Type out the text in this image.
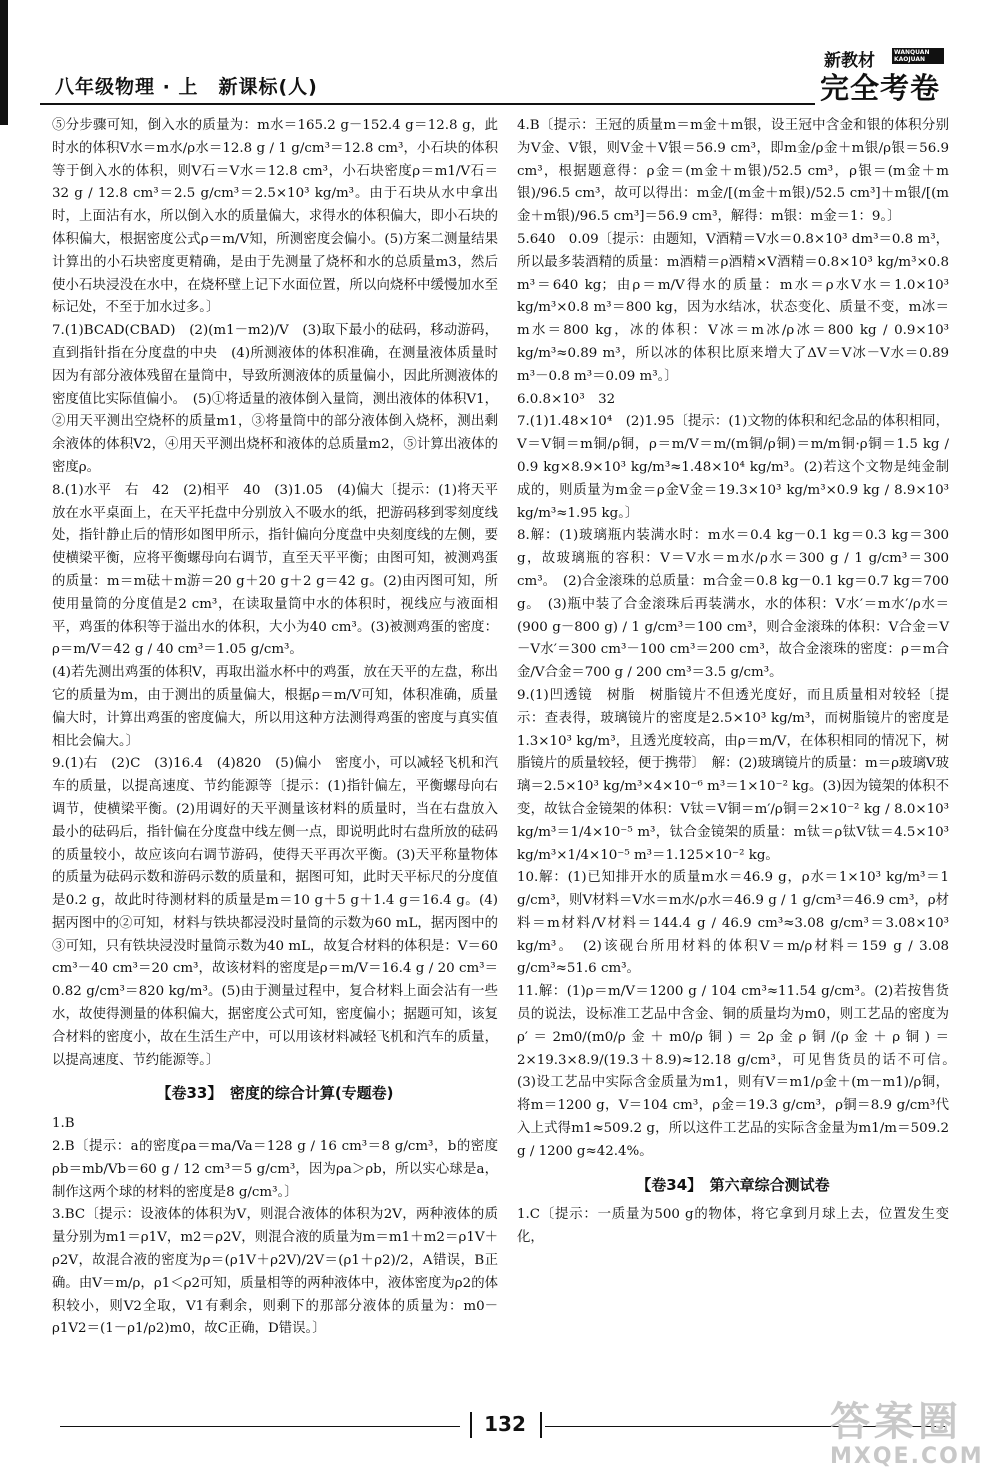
八年级物理 · 上　新课标(人)
新教材	WANQUAN KAOJUAN
完全考卷
⑤分步骤可知，倒入水的质量为：m水＝165.2 g－152.4 g＝12.8 g，此时水的体积V水＝m水/ρ水＝12.8 g / 1 g/cm³＝12.8 cm³，小石块的体积等于倒入水的体积，则V石＝V水＝12.8 cm³，小石块密度ρ＝m1/V石＝32 g / 12.8 cm³＝2.5 g/cm³＝2.5×10³ kg/m³。由于石块从水中拿出时，上面沾有水，所以倒入水的质量偏大，求得水的体积偏大，即小石块的体积偏大，根据密度公式ρ＝m/V知，所测密度会偏小。(5)方案二测量结果计算出的小石块密度更精确，是由于先测量了烧杯和水的总质量m3，然后使小石块浸没在水中，在烧杯壁上记下水面位置，所以向烧杯中缓慢加水至标记处，不至于加水过多。〕
7.(1)BCAD(CBAD)　(2)(m1－m2)/V　(3)取下最小的砝码，移动游码，直到指针指在分度盘的中央　(4)所测液体的体积准确，在测量液体质量时因为有部分液体残留在量筒中，导致所测液体的质量偏小，因此所测液体的密度值比实际值偏小。　(5)①将适量的液体倒入量筒，测出液体的体积V1，②用天平测出空烧杯的质量m1，③将量筒中的部分液体倒入烧杯，测出剩余液体的体积V2，④用天平测出烧杯和液体的总质量m2，⑤计算出液体的密度ρ。
8.(1)水平　右　42　(2)相平　40　(3)1.05　(4)偏大〔提示：(1)将天平放在水平桌面上，在天平托盘中分别放入不吸水的纸，把游码移到零刻度线处，指针静止后的情形如图甲所示，指针偏向分度盘中央刻度线的左侧，要使横梁平衡，应将平衡螺母向右调节，直至天平平衡；由图可知，被测鸡蛋的质量：m＝m砝＋m游＝20 g＋20 g＋2 g＝42 g。(2)由丙图可知，所使用量筒的分度值是2 cm³，在读取量筒中水的体积时，视线应与液面相平，鸡蛋的体积等于溢出水的体积，大小为40 cm³。(3)被测鸡蛋的密度：ρ＝m/V＝42 g / 40 cm³＝1.05 g/cm³。
(4)若先测出鸡蛋的体积V，再取出溢水杯中的鸡蛋，放在天平的左盘，称出它的质量为m，由于测出的质量偏大，根据ρ＝m/V可知，体积准确，质量偏大时，计算出鸡蛋的密度偏大，所以用这种方法测得鸡蛋的密度与真实值相比会偏大。〕
9.(1)右　(2)C　(3)16.4　(4)820　(5)偏小　密度小，可以减轻飞机和汽车的质量，以提高速度、节约能源等〔提示：(1)指针偏左，平衡螺母向右调节，使横梁平衡。(2)用调好的天平测量该材料的质量时，当在右盘放入最小的砝码后，指针偏在分度盘中线左侧一点，即说明此时右盘所放的砝码的质量较小，故应该向右调节游码，使得天平再次平衡。(3)天平称量物体的质量为砝码示数和游码示数的质量和，据图可知，此时天平标尺的分度值是0.2 g，故此时待测材料的质量是m＝10 g＋5 g＋1.4 g＝16.4 g。(4)据丙图中的②可知，材料与铁块都浸没时量筒的示数为60 mL，据丙图中的③可知，只有铁块浸没时量筒示数为40 mL，故复合材料的体积是：V＝60 cm³－40 cm³＝20 cm³，故该材料的密度是ρ＝m/V＝16.4 g / 20 cm³＝0.82 g/cm³＝820 kg/m³。(5)由于测量过程中，复合材料上面会沾有一些水，故使得测量的体积偏大，据密度公式可知，密度偏小；据题可知，该复合材料的密度小，故在生活生产中，可以用该材料减轻飞机和汽车的质量，以提高速度、节约能源等。〕
【卷33】　密度的综合计算(专题卷)
1.B
2.B〔提示：a的密度ρa＝ma/Va＝128 g / 16 cm³＝8 g/cm³，b的密度ρb＝mb/Vb＝60 g / 12 cm³＝5 g/cm³，因为ρa＞ρb，所以实心球是a，制作这两个球的材料的密度是8 g/cm³。〕
3.BC〔提示：设液体的体积为V，则混合液体的体积为2V，两种液体的质量分别为m1＝ρ1V，m2＝ρ2V，则混合液的质量为m＝m1＋m2＝ρ1V＋ρ2V，故混合液的密度为ρ＝(ρ1V＋ρ2V)/2V＝(ρ1＋ρ2)/2，A错误，B正确。由V＝m/ρ，ρ1＜ρ2可知，质量相等的两种液体中，液体密度为ρ2的体积较小，则V2全取，V1有剩余，则剩下的那部分液体的质量为：m0－ρ1V2＝(1－ρ1/ρ2)m0，故C正确，D错误。〕
4.B〔提示：王冠的质量m＝m金＋m银，设王冠中含金和银的体积分别为V金、V银，则V金＋V银＝56.9 cm³，即m金/ρ金＋m银/ρ银＝56.9 cm³，根据题意得：ρ金＝(m金＋m银)/52.5 cm³，ρ银＝(m金＋m银)/96.5 cm³，故可以得出：m金/[(m金＋m银)/52.5 cm³]＋m银/[(m金＋m银)/96.5 cm³]＝56.9 cm³，解得：m银：m金＝1：9。〕
5.640　0.09〔提示：由题知，V酒精＝V水＝0.8×10³ dm³＝0.8 m³，所以最多装酒精的质量：m酒精＝ρ酒精×V酒精＝0.8×10³ kg/m³×0.8 m³＝640 kg；由ρ＝m/V得水的质量：m水＝ρ水V水＝1.0×10³ kg/m³×0.8 m³＝800 kg，因为水结冰，状态变化、质量不变，m冰＝m水＝800 kg，冰的体积：V冰＝m冰/ρ冰＝800 kg / 0.9×10³ kg/m³≈0.89 m³，所以冰的体积比原来增大了ΔV＝V冰－V水＝0.89 m³－0.8 m³＝0.09 m³。〕
6.0.8×10³　32
7.(1)1.48×10⁴　(2)1.95〔提示：(1)文物的体积和纪念品的体积相同，V＝V铜＝m铜/ρ铜，ρ＝m/V＝m/(m铜/ρ铜)＝m/m铜·ρ铜＝1.5 kg / 0.9 kg×8.9×10³ kg/m³≈1.48×10⁴ kg/m³。(2)若这个文物是纯金制成的，则质量为m金＝ρ金V金＝19.3×10³ kg/m³×0.9 kg / 8.9×10³ kg/m³≈1.95 kg。〕
8.解：(1)玻璃瓶内装满水时：m水＝0.4 kg－0.1 kg＝0.3 kg＝300 g，故玻璃瓶的容积：V＝V水＝m水/ρ水＝300 g / 1 g/cm³＝300 cm³。　(2)合金滚珠的总质量：m合金＝0.8 kg－0.1 kg＝0.7 kg＝700 g。　(3)瓶中装了合金滚珠后再装满水，水的体积：V水′＝m水′/ρ水＝(900 g－800 g) / 1 g/cm³＝100 cm³，则合金滚珠的体积：V合金＝V－V水′＝300 cm³－100 cm³＝200 cm³，故合金滚珠的密度：ρ＝m合金/V合金＝700 g / 200 cm³＝3.5 g/cm³。
9.(1)凹透镜　树脂　树脂镜片不但透光度好，而且质量相对较轻〔提示：查表得，玻璃镜片的密度是2.5×10³ kg/m³，而树脂镜片的密度是1.3×10³ kg/m³，且透光度较高，由ρ＝m/V，在体积相同的情况下，树脂镜片的质量较轻，便于携带〕　解：(2)玻璃镜片的质量：m＝ρ玻璃V玻璃＝2.5×10³ kg/m³×4×10⁻⁶ m³＝1×10⁻² kg。(3)因为镜架的体积不变，故钛合金镜架的体积：V钛＝V铜＝m′/ρ铜＝2×10⁻² kg / 8.0×10³ kg/m³＝1/4×10⁻⁵ m³，钛合金镜架的质量：m钛＝ρ钛V钛＝4.5×10³ kg/m³×1/4×10⁻⁵ m³＝1.125×10⁻² kg。
10.解：(1)已知排开水的质量m水＝46.9 g，ρ水＝1×10³ kg/m³＝1 g/cm³，则V材料＝V水＝m水/ρ水＝46.9 g / 1 g/cm³＝46.9 cm³，ρ材料＝m材料/V材料＝144.4 g / 46.9 cm³≈3.08 g/cm³＝3.08×10³ kg/m³。　(2)该砚台所用材料的体积V＝m/ρ材料＝159 g / 3.08 g/cm³≈51.6 cm³。
11.解：(1)ρ＝m/V＝1200 g / 104 cm³≈11.54 g/cm³。(2)若按售货员的说法，设标准工艺品中含金、铜的质量均为m0，则工艺品的密度为ρ′＝2m0/(m0/ρ金＋m0/ρ铜)＝2ρ金ρ铜/(ρ金＋ρ铜)＝2×19.3×8.9/(19.3＋8.9)≈12.18 g/cm³，可见售货员的话不可信。　(3)设工艺品中实际含金质量为m1，则有V＝m1/ρ金＋(m－m1)/ρ铜，将m＝1200 g，V＝104 cm³，ρ金＝19.3 g/cm³，ρ铜＝8.9 g/cm³代入上式得m1≈509.2 g，所以这件工艺品的实际含金量为m1/m＝509.2 g / 1200 g≈42.4%。
【卷34】　第六章综合测试卷
1.C〔提示：一质量为500 g的物体，将它拿到月球上去，位置发生变化，
132	答案圈
MXQE.COM
